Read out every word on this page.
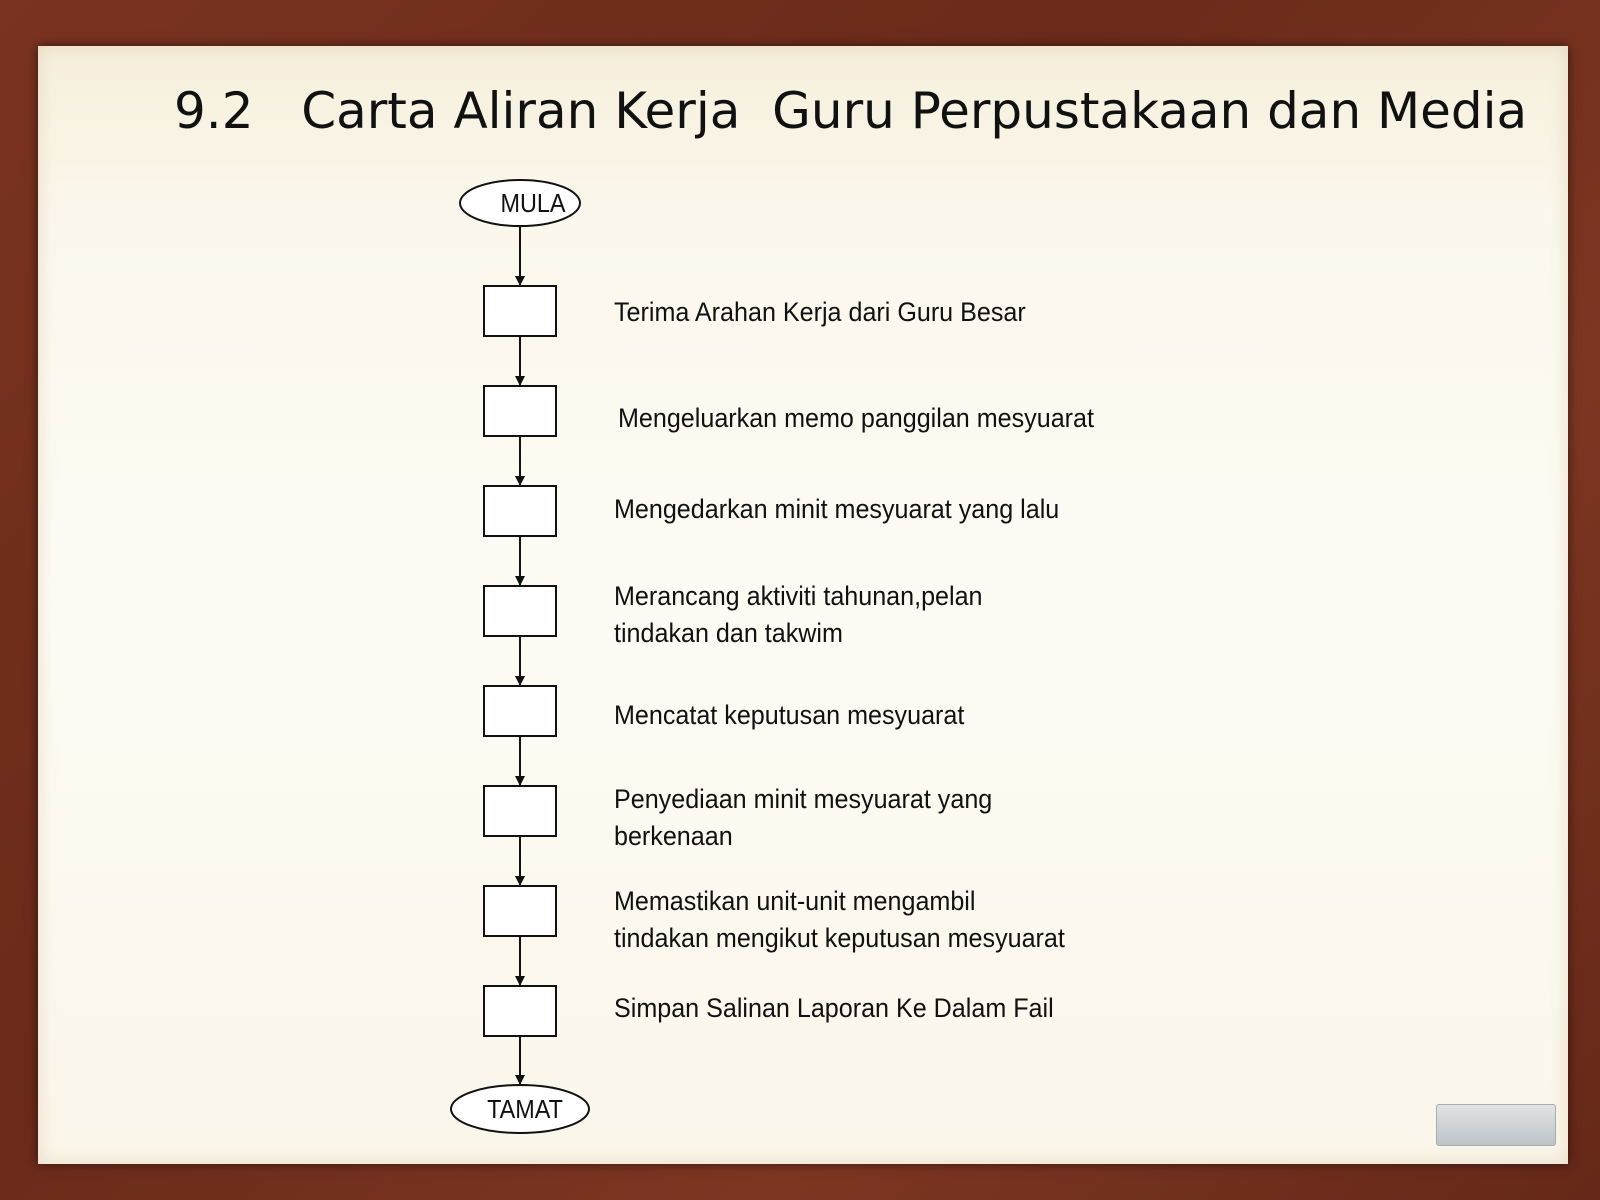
9.2   Carta Aliran Kerja  Guru Perpustakaan dan Media
MULA
TAMAT

Terima Arahan Kerja dari Guru Besar

Mengeluarkan memo panggilan mesyuarat

Mengedarkan minit mesyuarat yang lalu

Merancang aktiviti tahunan,pelan
tindakan dan takwim

Mencatat keputusan mesyuarat

Penyediaan minit mesyuarat yang
berkenaan

Memastikan unit-unit mengambil
tindakan mengikut keputusan mesyuarat

Simpan Salinan Laporan Ke Dalam Fail
